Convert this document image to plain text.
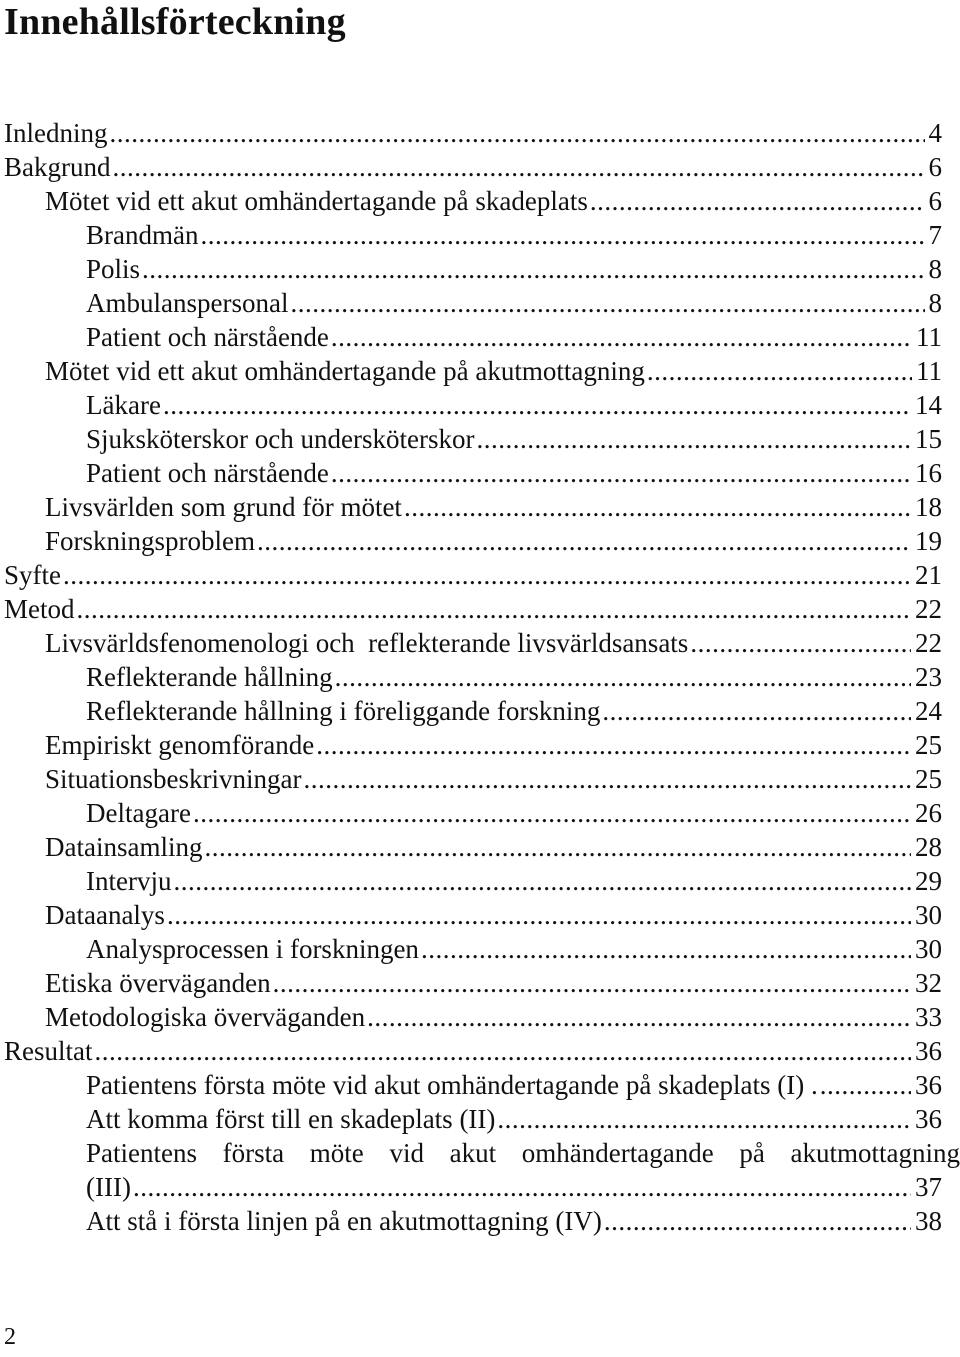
Innehållsförteckning
Inledning .....	4
Bakgrund .....	6
Mötet vid ett akut omhändertagande på skadeplats .....	6
Brandmän .....	7
Polis .....	8
Ambulanspersonal .....	8
Patient och närstående .....	11
Mötet vid ett akut omhändertagande på akutmottagning .....	11
Läkare .....	14
Sjuksköterskor och undersköterskor .....	15
Patient och närstående .....	16
Livsvärlden som grund för mötet .....	18
Forskningsproblem .....	19
Syfte .....	21
Metod .....	22
Livsvärldsfenomenologi och  reflekterande livsvärldsansats .....	22
Reflekterande hållning .....	23
Reflekterande hållning i föreliggande forskning .....	24
Empiriskt genomförande .....	25
Situationsbeskrivningar .....	25
Deltagare .....	26
Datainsamling .....	28
Intervju .....	29
Dataanalys .....	30
Analysprocessen i forskningen .....	30
Etiska överväganden .....	32
Metodologiska överväganden .....	33
Resultat .....	36
Patientens första möte vid akut omhändertagande på skadeplats (I) . .....	36
Att komma först till en skadeplats (II) .....	36
Patientens första möte vid akut omhändertagande på akutmottagning
(III) .....	37
Att stå i första linjen på en akutmottagning (IV) .....	38
2
